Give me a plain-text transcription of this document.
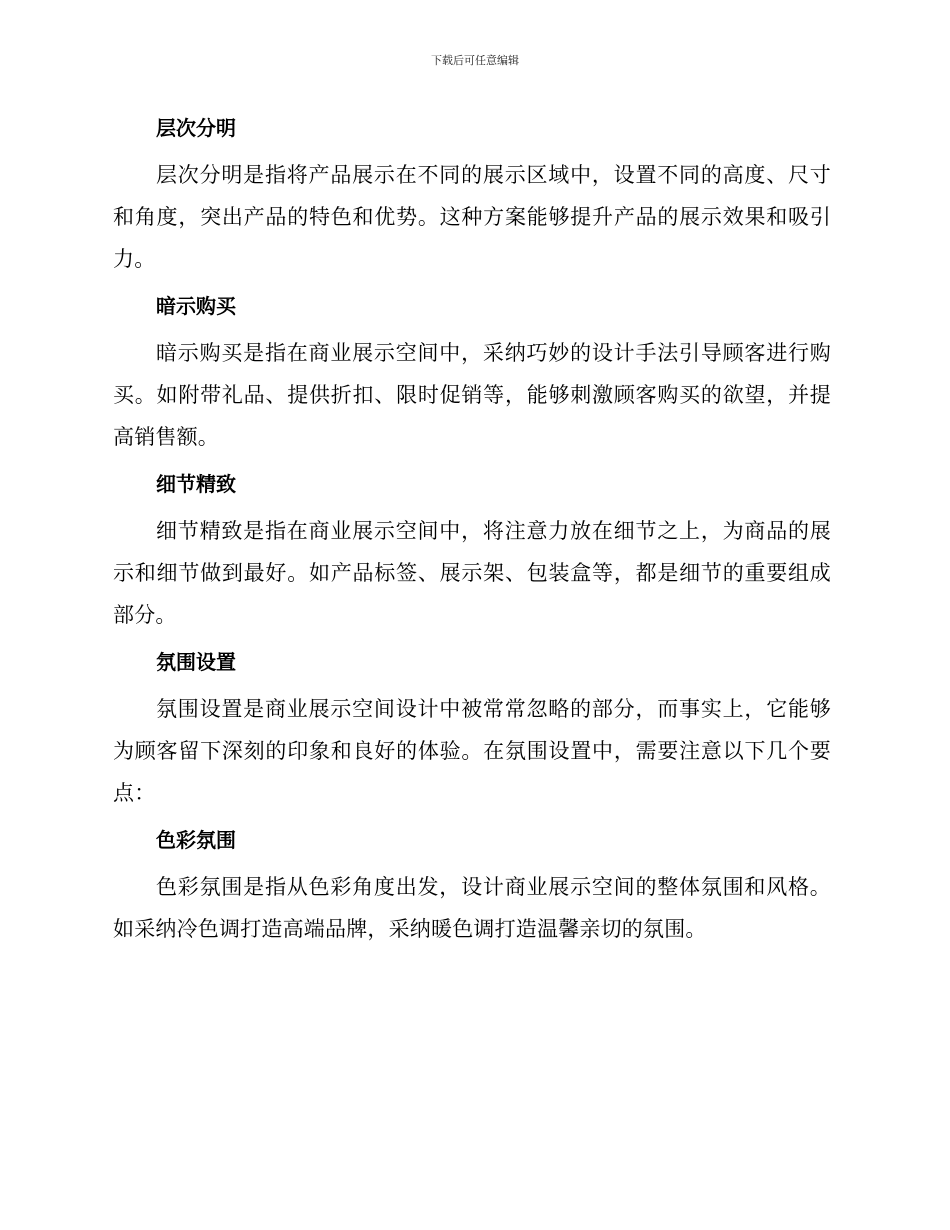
下载后可任意编辑
层次分明

层次分明是指将产品展示在不同的展示区域中，设置不同的高度、尺寸和角度，突出产品的特色和优势。这种方案能够提升产品的展示效果和吸引力。

暗示购买

暗示购买是指在商业展示空间中，采纳巧妙的设计手法引导顾客进行购买。如附带礼品、提供折扣、限时促销等，能够刺激顾客购买的欲望，并提高销售额。

细节精致

细节精致是指在商业展示空间中，将注意力放在细节之上，为商品的展示和细节做到最好。如产品标签、展示架、包装盒等，都是细节的重要组成部分。

氛围设置

氛围设置是商业展示空间设计中被常常忽略的部分，而事实上，它能够为顾客留下深刻的印象和良好的体验。在氛围设置中，需要注意以下几个要点：

色彩氛围

色彩氛围是指从色彩角度出发，设计商业展示空间的整体氛围和风格。如采纳冷色调打造高端品牌，采纳暖色调打造温馨亲切的氛围。
